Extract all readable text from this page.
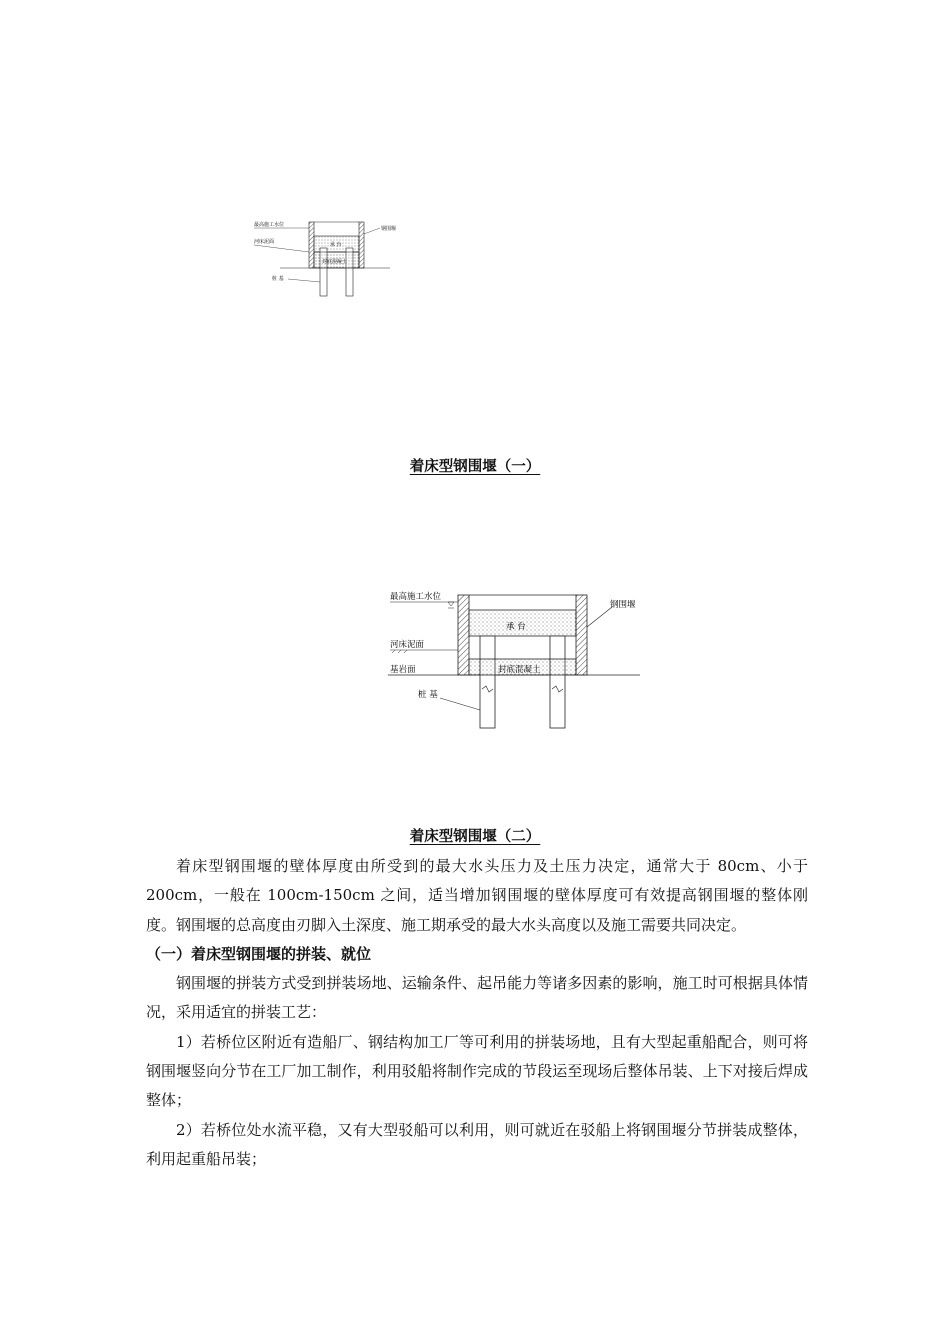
最高施工水位
河床泥面
桩 基
承 台
封底混凝土
钢围堰
着床型钢围堰（一）
最高施工水位
河床泥面
基岩面
桩 基
承 台
封底混凝土
钢围堰
着床型钢围堰（二）

着床型钢围堰的壁体厚度由所受到的最大水头压力及土压力决定，通常大于 80cm、小于 200cm，一般在 100cm-150cm 之间，适当增加钢围堰的壁体厚度可有效提高钢围堰的整体刚度。钢围堰的总高度由刃脚入土深度、施工期承受的最大水头高度以及施工需要共同决定。

（一）着床型钢围堰的拼装、就位

钢围堰的拼装方式受到拼装场地、运输条件、起吊能力等诸多因素的影响，施工时可根据具体情况，采用适宜的拼装工艺：

1）若桥位区附近有造船厂、钢结构加工厂等可利用的拼装场地，且有大型起重船配合，则可将钢围堰竖向分节在工厂加工制作，利用驳船将制作完成的节段运至现场后整体吊装、上下对接后焊成整体；

2）若桥位处水流平稳，又有大型驳船可以利用，则可就近在驳船上将钢围堰分节拼装成整体，利用起重船吊装；
